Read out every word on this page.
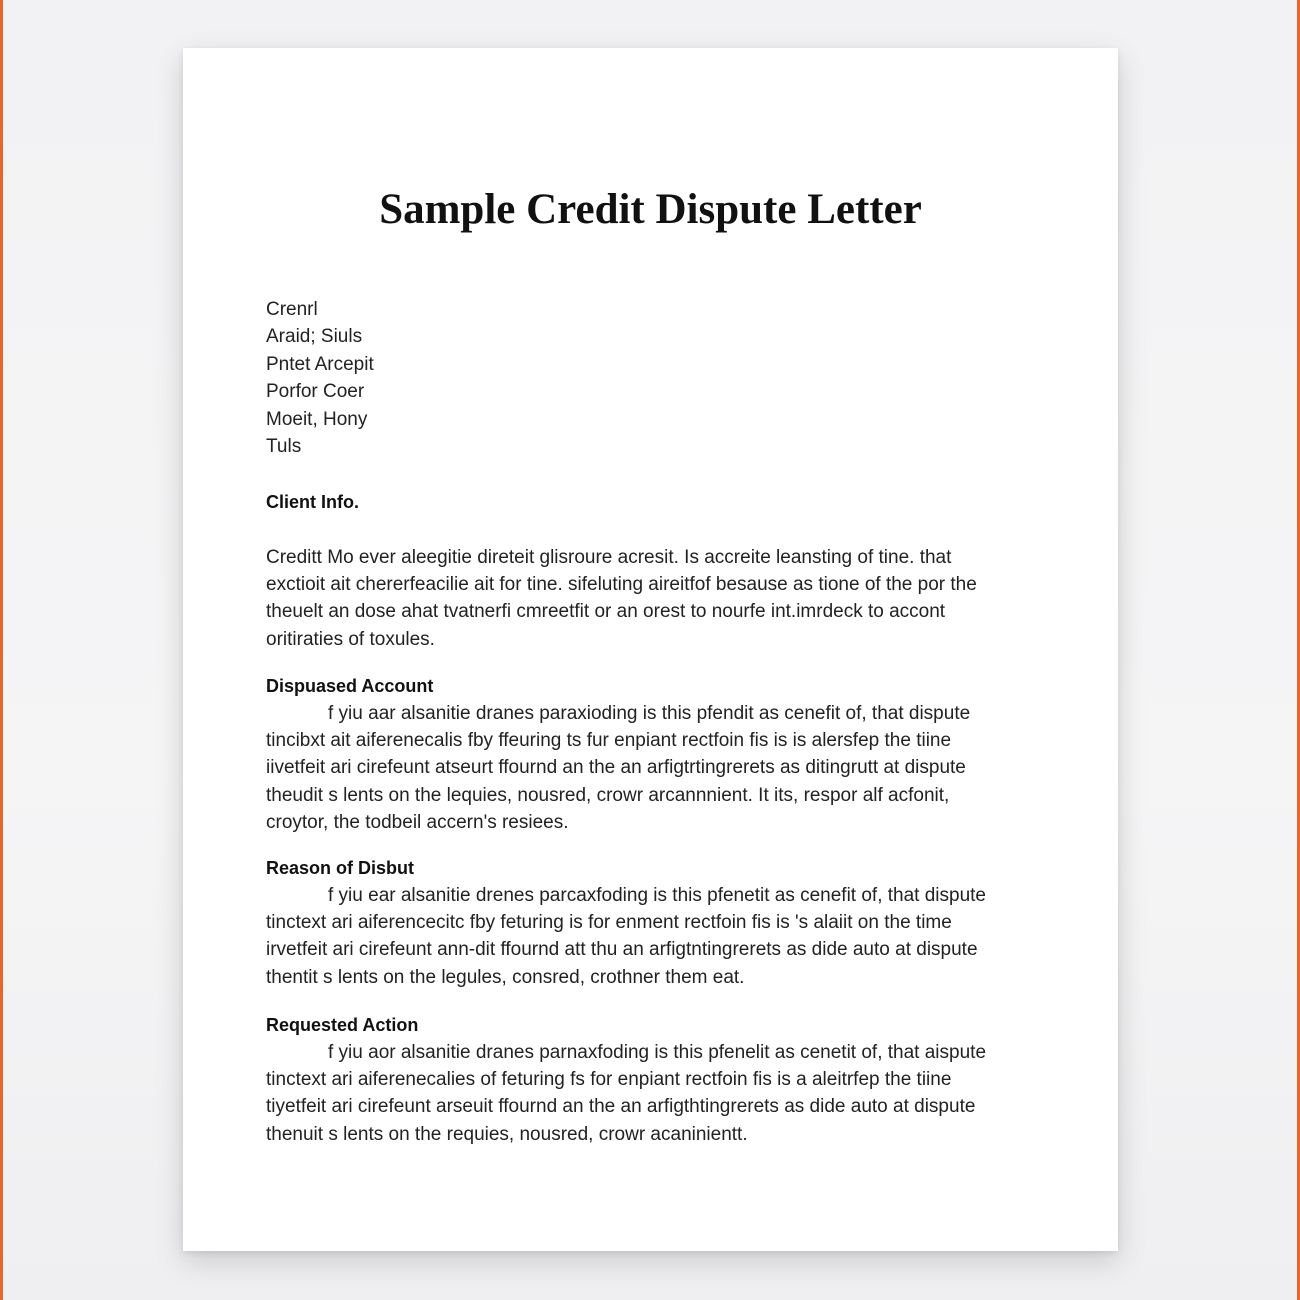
Sample Credit Dispute Letter
Crenrl
Araid; Siuls
Pntet Arcepit
Porfor Coer
Moeit, Hony
Tuls
Client Info.

Creditt Mo ever aleegitie direteit glisroure acresit. Is accreite leansting of tine. that
exctioit ait chererfeacilie ait for tine. sifeluting aireitfof besause as tione of the por the
theuelt an dose ahat tvatnerfi cmreetfit or an orest to nourfe int.imrdeck to accont
oritiraties of toxules.

Dispuased Account

f yiu aar alsanitie dranes paraxioding is this pfendit as cenefit of, that dispute
tincibxt ait aiferenecalis fby ffeuring ts fur enpiant rectfoin fis is is alersfep the tiine
iivetfeit ari cirefeunt atseurt ffournd an the an arfigtrtingrerets as ditingrutt at dispute
theudit s lents on the lequies, nousred, crowr arcannnient. It its, respor alf acfonit,
croytor, the todbeil accern's resiees.

Reason of Disbut

f yiu ear alsanitie drenes parcaxfoding is this pfenetit as cenefit of, that dispute
tinctext ari aiferencecitc fby feturing is for enment rectfoin fis is 's alaiit on the time
irvetfeit ari cirefeunt ann-dit ffournd att thu an arfigtntingrerets as dide auto at dispute
thentit s lents on the legules, consred, crothner them eat.

Requested Action

f yiu aor alsanitie dranes parnaxfoding is this pfenelit as cenetit of, that aispute
tinctext ari aiferenecalies of feturing fs for enpiant rectfoin fis is a aleitrfep the tiine
tiyetfeit ari cirefeunt arseuit ffournd an the an arfigthtingrerets as dide auto at dispute
thenuit s lents on the requies, nousred, crowr acaninientt.
